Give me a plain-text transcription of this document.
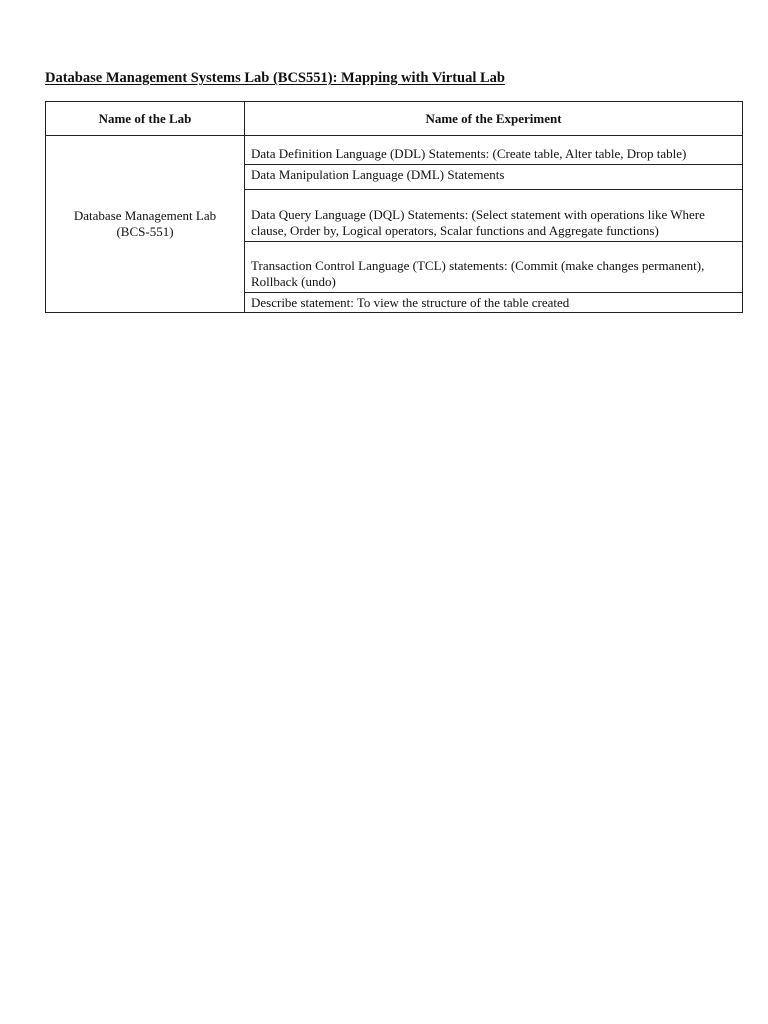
Database Management Systems Lab (BCS551): Mapping with Virtual Lab
Name of the Lab	Name of the Experiment

Database Management Lab
(BCS-551)	Data Definition Language (DDL) Statements: (Create table, Alter table, Drop table)
	Data Manipulation Language (DML) Statements
	Data Query Language (DQL) Statements: (Select statement with operations like Where clause, Order by, Logical operators, Scalar functions and Aggregate functions)
	Transaction Control Language (TCL) statements: (Commit (make changes permanent), Rollback (undo)
	Describe statement: To view the structure of the table created
